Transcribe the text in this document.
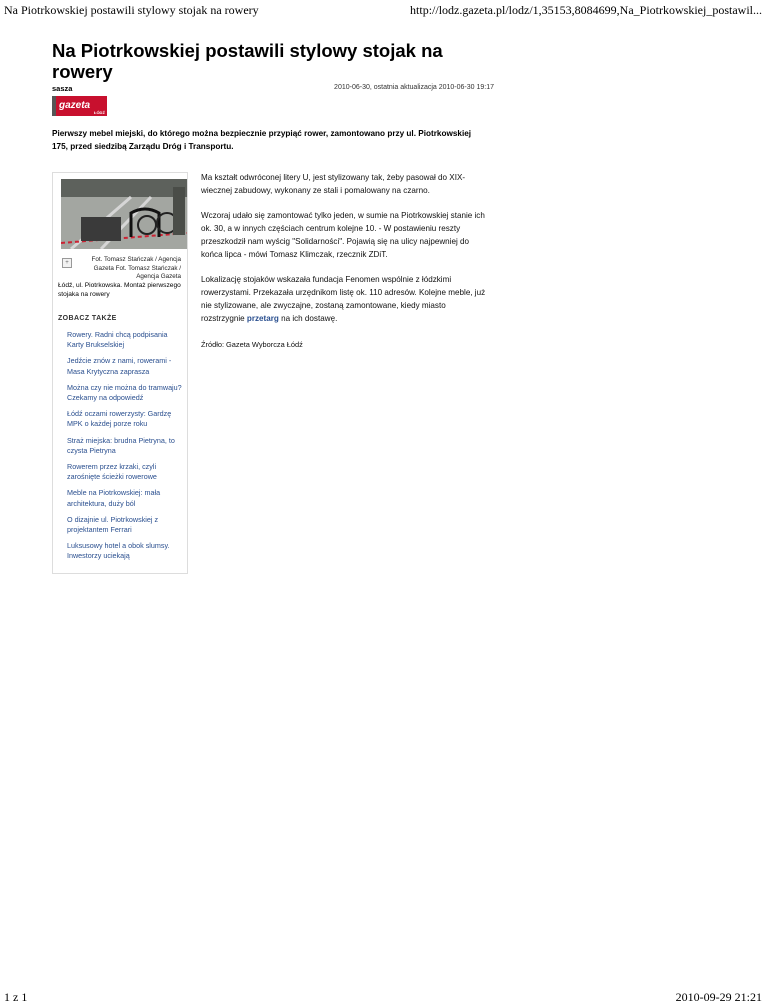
Na Piotrkowskiej postawili stylowy stojak na rowery	http://lodz.gazeta.pl/lodz/1,35153,8084699,Na_Piotrkowskiej_postawil...
Na Piotrkowskiej postawili stylowy stojak na rowery
sasza	2010-06-30, ostatnia aktualizacja 2010-06-30 19:17
gazeta
ŁÓDŹ
Pierwszy mebel miejski, do którego można bezpiecznie przypiąć rower, zamontowano przy ul. Piotrkowskiej 175, przed siedzibą Zarządu Dróg i Transportu.
+	Fot. Tomasz Stańczak / Agencja Gazeta Fot. Tomasz Stańczak / Agencja Gazeta
Łódź, ul. Piotrkowska. Montaż pierwszego stojaka na rowery
ZOBACZ TAKŻE
Rowery. Radni chcą podpisania Karty Brukselskiej
Jedźcie znów z nami, rowerami - Masa Krytyczna zaprasza
Można czy nie można do tramwaju? Czekamy na odpowiedź
Łódź oczami rowerzysty: Gardzę MPK o każdej porze roku
Straż miejska: brudna Pietryna, to czysta Pietryna
Rowerem przez krzaki, czyli zarośnięte ścieżki rowerowe
Meble na Piotrkowskiej: mała architektura, duży ból
O dizajnie ul. Piotrkowskiej z projektantem Ferrari
Luksusowy hotel a obok slumsy. Inwestorzy uciekają

Ma kształt odwróconej litery U, jest stylizowany tak, żeby pasował do XIX-wiecznej zabudowy, wykonany ze stali i pomalowany na czarno.

Wczoraj udało się zamontować tylko jeden, w sumie na Piotrkowskiej stanie ich ok. 30, a w innych częściach centrum kolejne 10. - W postawieniu reszty przeszkodził nam wyścig "Solidarności". Pojawią się na ulicy najpewniej do końca lipca - mówi Tomasz Klimczak, rzecznik ZDiT.

Lokalizację stojaków wskazała fundacja Fenomen wspólnie z łódzkimi rowerzystami. Przekazała urzędnikom listę ok. 110 adresów. Kolejne meble, już nie stylizowane, ale zwyczajne, zostaną zamontowane, kiedy miasto rozstrzygnie przetarg na ich dostawę.

Źródło: Gazeta Wyborcza Łódź

1 z 1	2010-09-29 21:21
